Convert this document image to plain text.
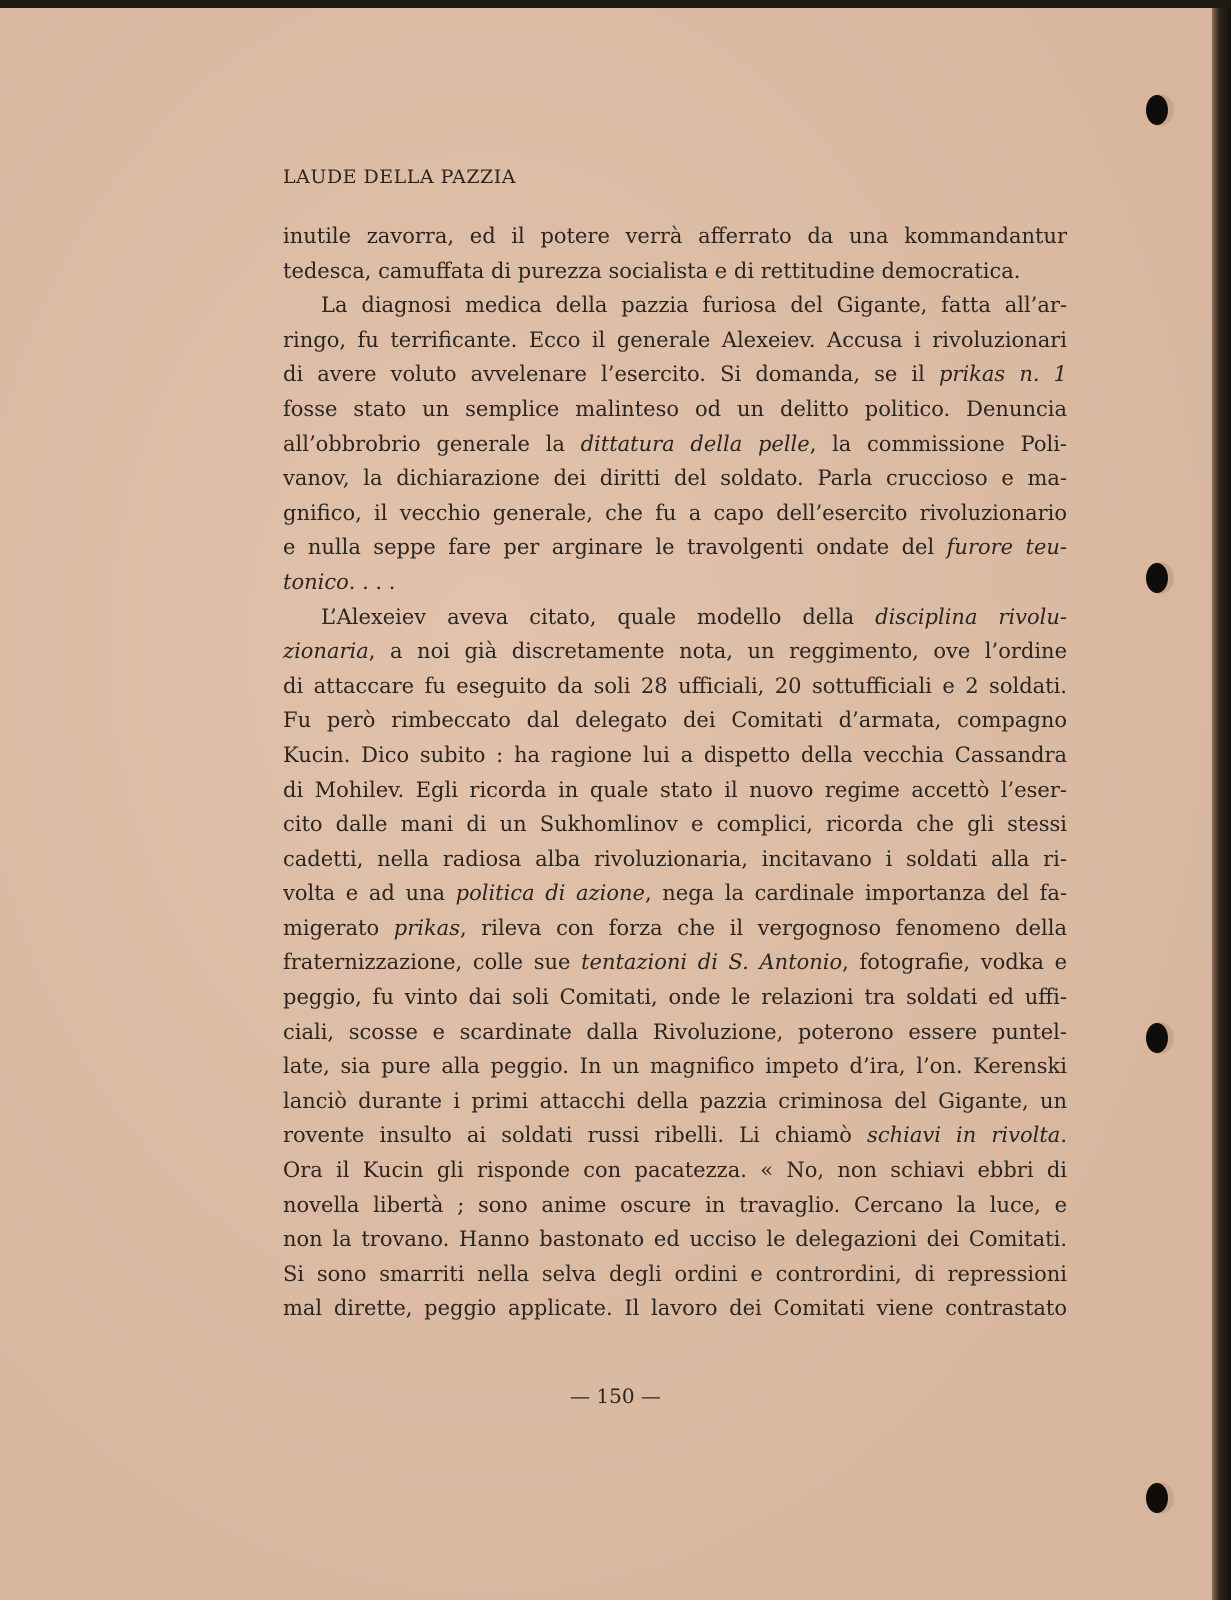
LAUDE DELLA PAZZIA
inutile zavorra, ed il potere verrà afferrato da una kommandantur
tedesca, camuffata di purezza socialista e di rettitudine democratica.
La diagnosi medica della pazzia furiosa del Gigante, fatta all’ar-
ringo, fu terrificante. Ecco il generale Alexeiev. Accusa i rivoluzionari
di avere voluto avvelenare l’esercito. Si domanda, se il prikas n. 1
fosse stato un semplice malinteso od un delitto politico. Denuncia
all’obbrobrio generale la dittatura della pelle, la commissione Poli-
vanov, la dichiarazione dei diritti del soldato. Parla cruccioso e ma-
gnifico, il vecchio generale, che fu a capo dell’esercito rivoluzionario
e nulla seppe fare per arginare le travolgenti ondate del furore teu-
tonico. . . .
L’Alexeiev aveva citato, quale modello della disciplina rivolu-
zionaria, a noi già discretamente nota, un reggimento, ove l’ordine
di attaccare fu eseguito da soli 28 ufficiali, 20 sottufficiali e 2 soldati.
Fu però rimbeccato dal delegato dei Comitati d’armata, compagno
Kucin. Dico subito : ha ragione lui a dispetto della vecchia Cassandra
di Mohilev. Egli ricorda in quale stato il nuovo regime accettò l’eser-
cito dalle mani di un Sukhomlinov e complici, ricorda che gli stessi
cadetti, nella radiosa alba rivoluzionaria, incitavano i soldati alla ri-
volta e ad una politica di azione, nega la cardinale importanza del fa-
migerato prikas, rileva con forza che il vergognoso fenomeno della
fraternizzazione, colle sue tentazioni di S. Antonio, fotografie, vodka e
peggio, fu vinto dai soli Comitati, onde le relazioni tra soldati ed uffi-
ciali, scosse e scardinate dalla Rivoluzione, poterono essere puntel-
late, sia pure alla peggio. In un magnifico impeto d’ira, l’on. Kerenski
lanciò durante i primi attacchi della pazzia criminosa del Gigante, un
rovente insulto ai soldati russi ribelli. Li chiamò schiavi in rivolta.
Ora il Kucin gli risponde con pacatezza. « No, non schiavi ebbri di
novella libertà ; sono anime oscure in travaglio. Cercano la luce, e
non la trovano. Hanno bastonato ed ucciso le delegazioni dei Comitati.
Si sono smarriti nella selva degli ordini e contrordini, di repressioni
mal dirette, peggio applicate. Il lavoro dei Comitati viene contrastato
— 150 —
